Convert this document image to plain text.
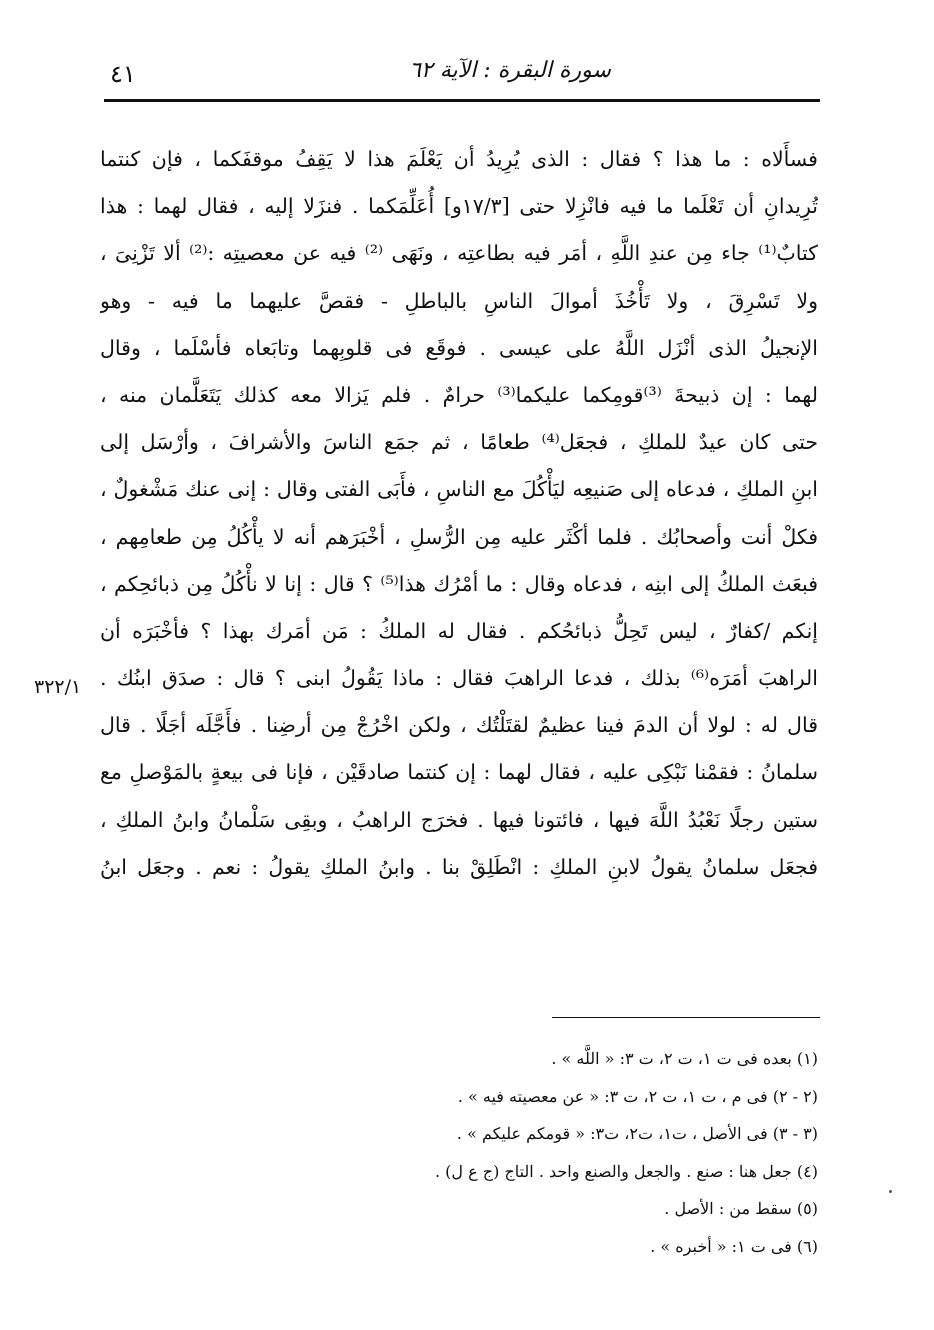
٤١	سورة البقرة : الآية ٦٢
فسأَلاه : ما هذا ؟ فقال : الذى يُرِيدُ أن يَعْلَمَ هذا لا يَقِفُ موقفَكما ، فإن كنتما
تُرِيدانِ أن تَعْلَما ما فيه فانْزِلا حتى [١٧/٣و] أُعَلِّمَكما . فنزَلا إليه ، فقال لهما : هذا
كتابٌ⁽¹⁾ جاء مِن عندِ اللَّهِ ، أمَر فيه بطاعتِه ، ونَهَى ⁽²⁾ فيه عن معصيتِه :⁽²⁾ ألا تَزْنِىَ ،
ولا تَسْرِقَ ، ولا تَأْخُذَ أموالَ الناسِ بالباطلِ - فقصَّ عليهما ما فيه - وهو
الإنجيلُ الذى أنْزَل اللَّهُ على عيسى . فوقَع فى قلوبِهما وتابَعاه فأسْلَما ، وقال
لهما : إن ذبيحةَ ⁽³⁾قومِكما عليكما⁽³⁾ حرامٌ . فلم يَزالا معه كذلك يَتَعَلَّمان منه ،
حتى كان عيدٌ للملكِ ، فجعَل⁽⁴⁾ طعامًا ، ثم جمَع الناسَ والأشرافَ ، وأرْسَل إلى
ابنِ الملكِ ، فدعاه إلى صَنيعِه ليَأْكُلَ مع الناسِ ، فأَبَى الفتى وقال : إنى عنك مَشْغولٌ ،
فكلْ أنت وأصحابُك . فلما أكْثَر عليه مِن الرُّسلِ ، أخْبَرَهم أنه لا يأْكُلُ مِن طعامِهم ،
فبعَث الملكُ إلى ابنِه ، فدعاه وقال : ما أمْرُك هذا⁽⁵⁾ ؟ قال : إنا لا نأْكُلُ مِن ذبائحِكم ،
إنكم /كفارٌ ، ليس تَحِلُّ ذبائحُكم . فقال له الملكُ : مَن أمَرك بهذا ؟ فأخْبَرَه أن
الراهبَ أمَرَه⁽⁶⁾ بذلك ، فدعا الراهبَ فقال : ماذا يَقُولُ ابنى ؟ قال : صدَق ابنُك .
قال له : لولا أن الدمَ فينا عظيمٌ لقتَلْتُك ، ولكن اخْرُجْ مِن أرضِنا . فأَجَّلَه أجَلًا . قال
سلمانُ : فقمْنا نَبْكِى عليه ، فقال لهما : إن كنتما صادقَيْن ، فإنا فى بيعةٍ بالمَوْصلِ مع
ستين رجلًا نَعْبُدُ اللَّهَ فيها ، فائتونا فيها . فخرَج الراهبُ ، وبقِى سَلْمانُ وابنُ الملكِ ،
فجعَل سلمانُ يقولُ لابنِ الملكِ : انْطَلِقْ بنا . وابنُ الملكِ يقولُ : نعم . وجعَل ابنُ
٣٢٢/١
(١) بعده فى ت ١، ت ٢، ت ٣: « اللَّه » .
(٢ - ٢) فى م ، ت ١، ت ٢، ت ٣: « عن معصيته فيه » .
(٣ - ٣) فى الأصل ، ت١، ت٢، ت٣: « قومكم عليكم » .
(٤) جعل هنا : صنع . والجعل والصنع واحد . التاج (ج ع ل) .
(٥) سقط من : الأصل .
(٦) فى ت ١: « أخبره » .
